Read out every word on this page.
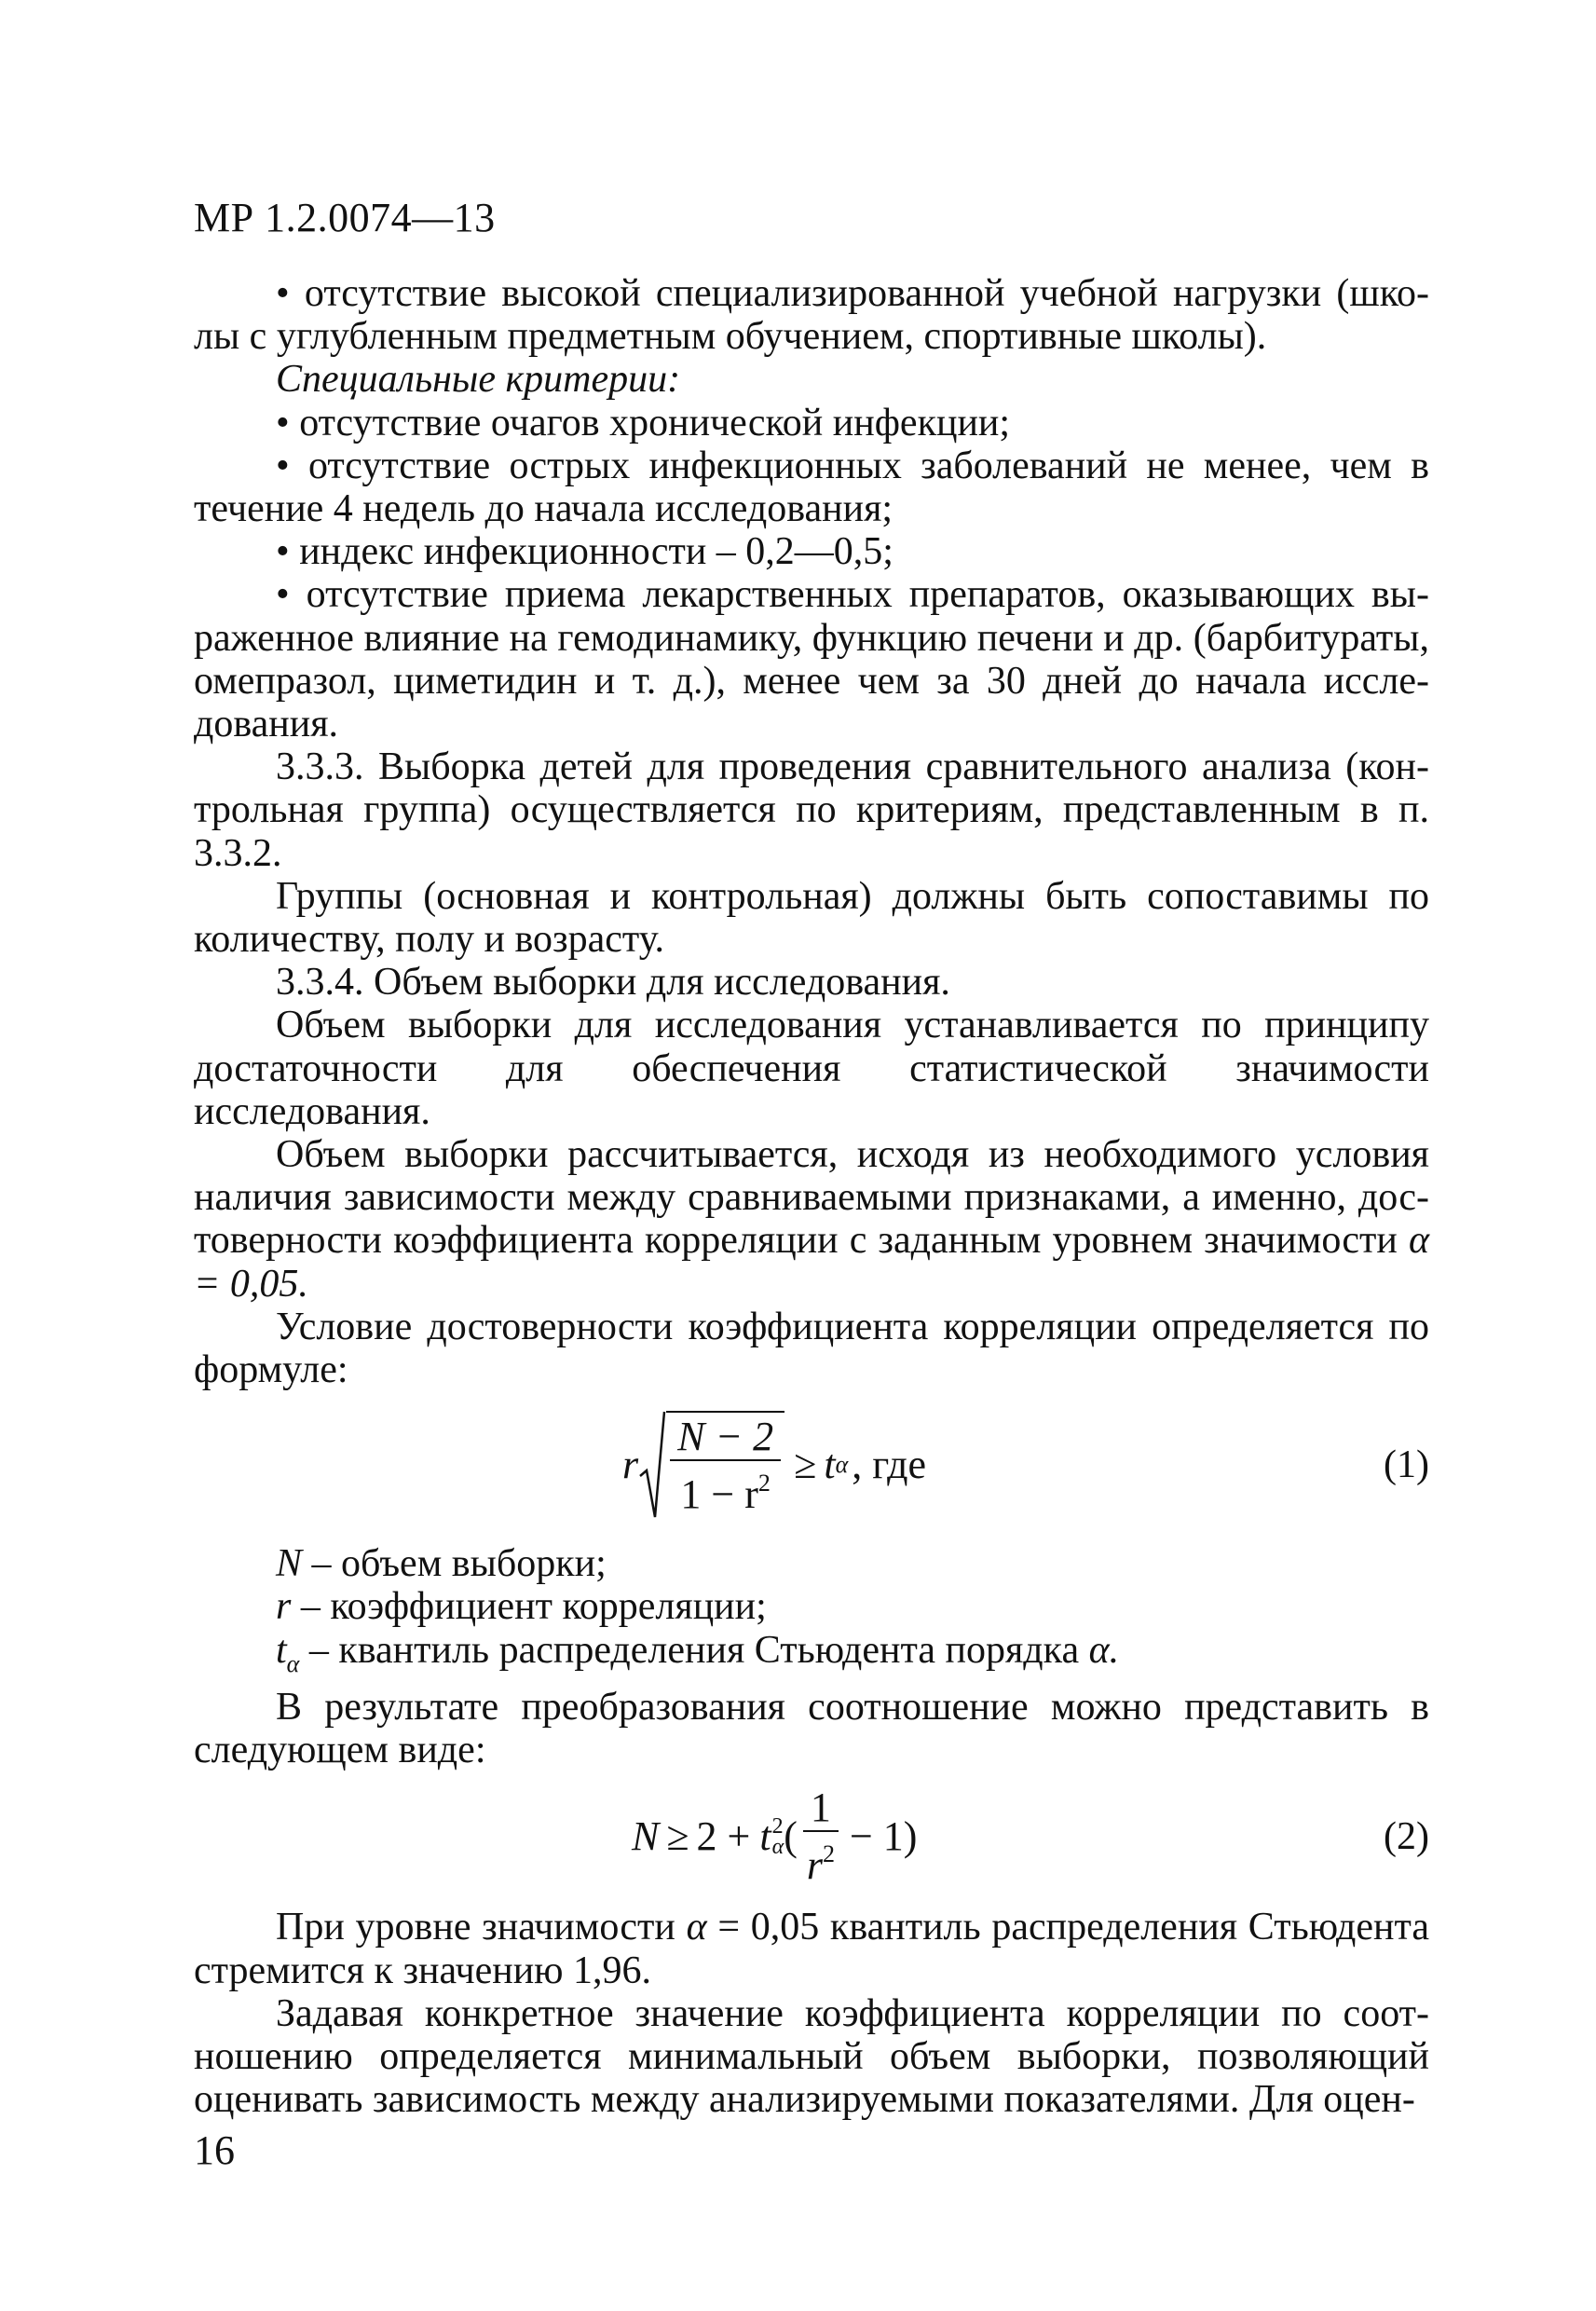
МР 1.2.0074—13

• отсутствие высокой специализированной учебной нагрузки (школы с углубленным предметным обучением, спортивные школы).

Специальные критерии:

• отсутствие очагов хронической инфекции;

• отсутствие острых инфекционных заболеваний не менее, чем в течение 4 недель до начала исследования;

• индекс инфекционности – 0,2—0,5;

• отсутствие приема лекарственных препаратов, оказывающих выраженное влияние на гемодинамику, функцию печени и др. (барбитураты, омепразол, циметидин и т. д.), менее чем за 30 дней до начала исследования.

3.3.3. Выборка детей для проведения сравнительного анализа (контрольная группа) осуществляется по критериям, представленным в п. 3.3.2.

Группы (основная и контрольная) должны быть сопоставимы по количеству, полу и возрасту.

3.3.4. Объем выборки для исследования.

Объем выборки для исследования устанавливается по принципу достаточности для обеспечения статистической значимости исследования.

Объем выборки рассчитывается, исходя из необходимого условия наличия зависимости между сравниваемыми признаками, а именно, достоверности коэффициента корреляции с заданным уровнем значимости α = 0,05.

Условие достоверности коэффициента корреляции определяется по формуле:

r $\frac{N - 2}{1 - r^2} \ge t$ α , где	(1)

N – объем выборки;

r – коэффициент корреляции;

$t_\alpha$ – квантиль распределения Стьюдента порядка α.

В результате преобразования соотношение можно представить в следующем виде:

N ≥ 2 + t 2
α ( $\frac{1}{r^2} - 1$)	(2)

При уровне значимости α = 0,05 квантиль распределения Стьюдента стремится к значению 1,96.

Задавая конкретное значение коэффициента корреляции по соотношению определяется минимальный объем выборки, позволяющий оценивать зависимость между анализируемыми показателями. Для оцен-

16
